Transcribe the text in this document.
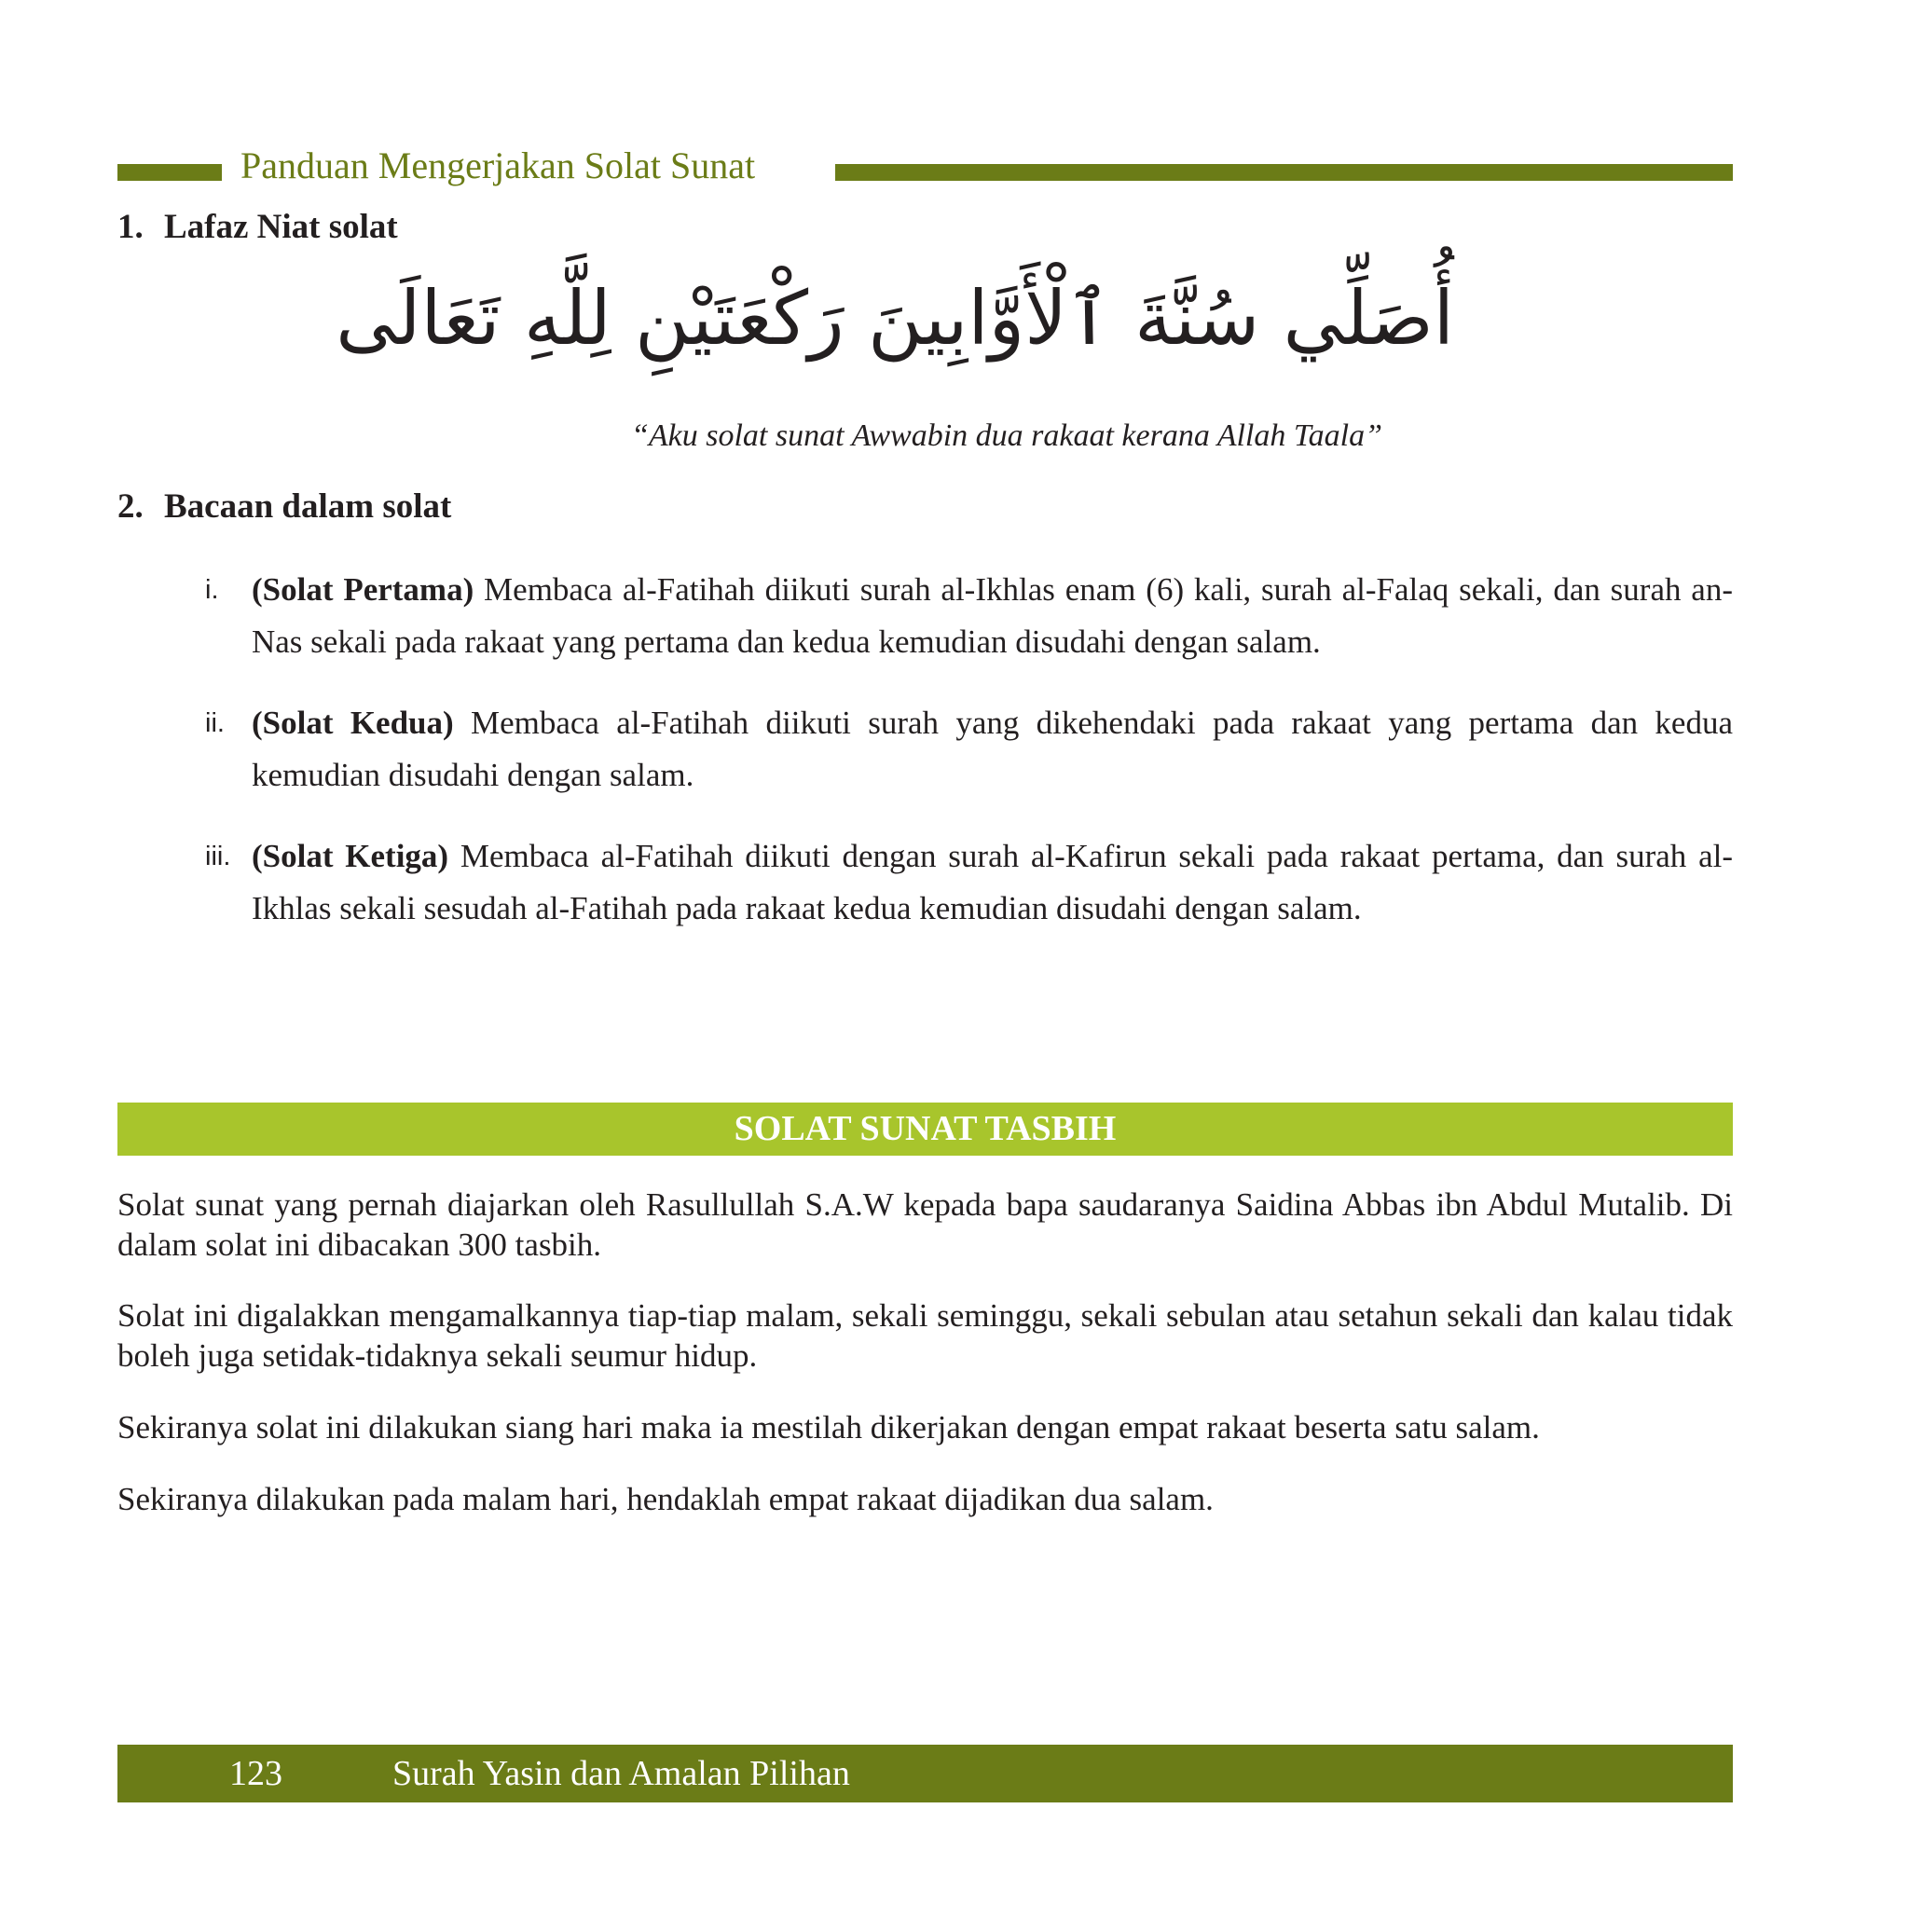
Panduan Mengerjakan Solat Sunat
1. Lafaz Niat solat
أُصَلِّي سُنَّةَ ٱلْأَوَّابِينَ رَكْعَتَيْنِ لِلَّهِ تَعَالَى
“Aku solat sunat Awwabin dua rakaat kerana Allah Taala”
2. Bacaan dalam solat
i. (Solat Pertama) Membaca al-Fatihah diikuti surah al-Ikhlas enam (6) kali, surah al-Falaq sekali, dan surah an-Nas sekali pada rakaat yang pertama dan kedua kemudian disudahi dengan salam.
ii. (Solat Kedua) Membaca al-Fatihah diikuti surah yang dikehendaki pada rakaat yang pertama dan kedua kemudian disudahi dengan salam.
iii. (Solat Ketiga) Membaca al-Fatihah diikuti dengan surah al-Kafirun sekali pada rakaat pertama, dan surah al-Ikhlas sekali sesudah al-Fatihah pada rakaat kedua kemudian disudahi dengan salam.
SOLAT SUNAT TASBIH

Solat sunat yang pernah diajarkan oleh Rasullullah S.A.W kepada bapa saudaranya Saidina Abbas ibn Abdul Mutalib. Di dalam solat ini dibacakan 300 tasbih.

Solat ini digalakkan mengamalkannya tiap-tiap malam, sekali seminggu, sekali sebulan atau setahun sekali dan kalau tidak boleh juga setidak-tidaknya sekali seumur hidup.

Sekiranya solat ini dilakukan siang hari maka ia mestilah dikerjakan dengan empat rakaat beserta satu salam.

Sekiranya dilakukan pada malam hari, hendaklah empat rakaat dijadikan dua salam.

123	Surah Yasin dan Amalan Pilihan
